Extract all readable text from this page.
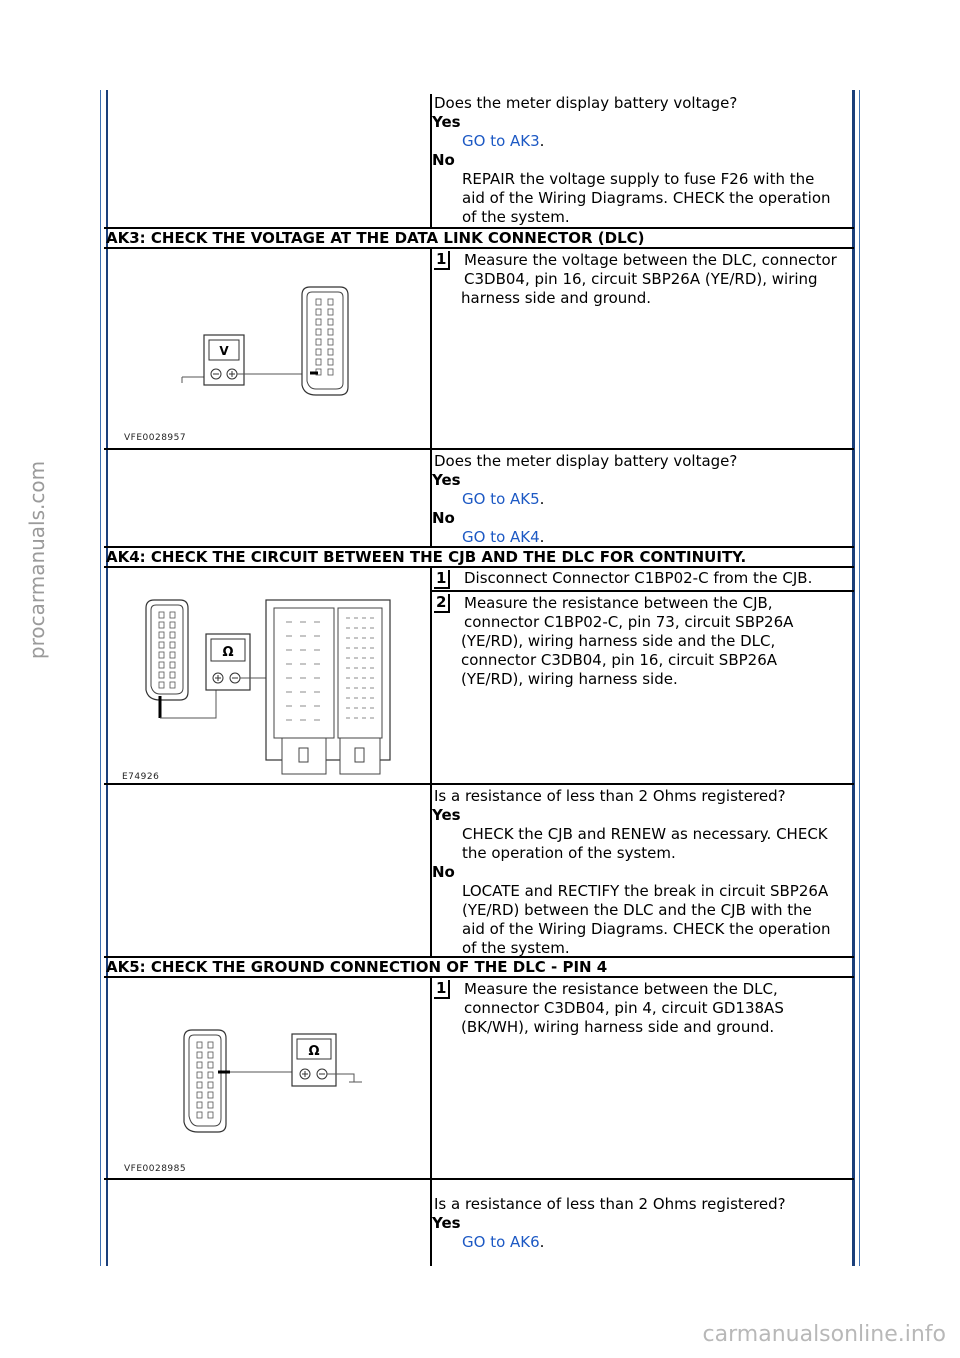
procarmanuals.com
carmanualsonline.info
Does the meter display battery voltage?
Yes
GO to AK3.
No
REPAIR the voltage supply to fuse F26 with the
aid of the Wiring Diagrams. CHECK the operation
of the system.
AK3: CHECK THE VOLTAGE AT THE DATA LINK CONNECTOR (DLC)
V
VFE0028957
1 Measure the voltage between the DLC, connector
C3DB04, pin 16, circuit SBP26A (YE/RD), wiring
harness side and ground.
Does the meter display battery voltage?
Yes
GO to AK5.
No
GO to AK4.
AK4: CHECK THE CIRCUIT BETWEEN THE CJB AND THE DLC FOR CONTINUITY.
1	Disconnect Connector C1BP02-C from the CJB.
Ω
E74926
2 Measure the resistance between the CJB,
connector C1BP02-C, pin 73, circuit SBP26A
(YE/RD), wiring harness side and the DLC,
connector C3DB04, pin 16, circuit SBP26A
(YE/RD), wiring harness side.
Is a resistance of less than 2 Ohms registered?
Yes
CHECK the CJB and RENEW as necessary. CHECK
the operation of the system.
No
LOCATE and RECTIFY the break in circuit SBP26A
(YE/RD) between the DLC and the CJB with the
aid of the Wiring Diagrams. CHECK the operation
of the system.
AK5: CHECK THE GROUND CONNECTION OF THE DLC - PIN 4
Ω
VFE0028985
1 Measure the resistance between the DLC,
connector C3DB04, pin 4, circuit GD138AS
(BK/WH), wiring harness side and ground.
Is a resistance of less than 2 Ohms registered?
Yes
GO to AK6.
